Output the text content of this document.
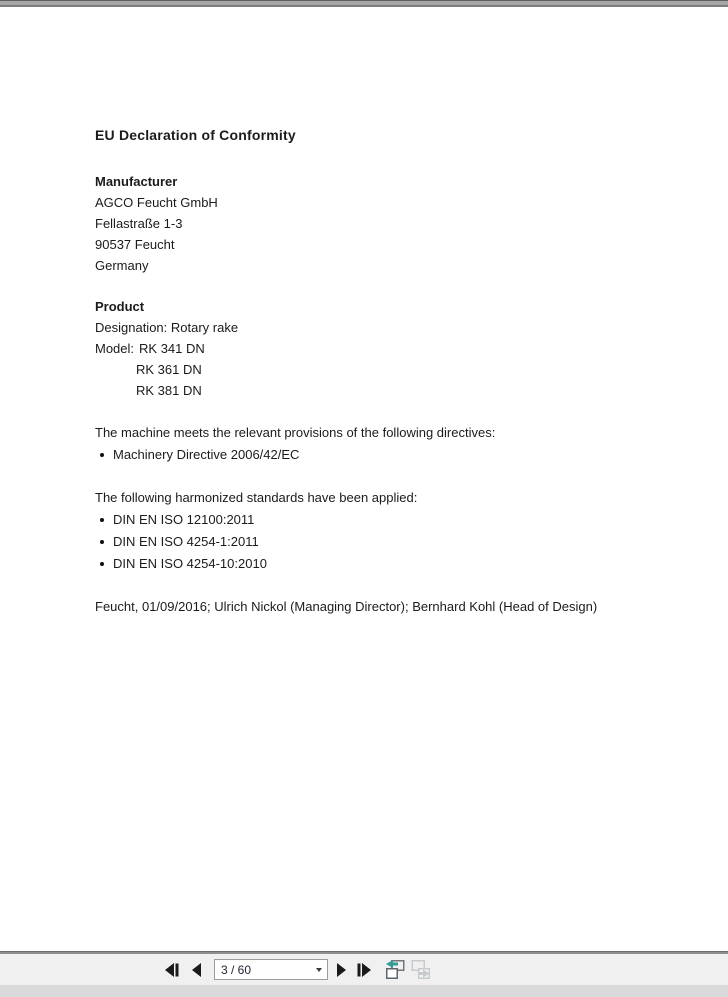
EU Declaration of Conformity
Manufacturer
AGCO Feucht GmbH
Fellastraße 1-3
90537 Feucht
Germany
Product
Designation: Rotary rake
Model: RK 341 DN
RK 361 DN
RK 381 DN
The machine meets the relevant provisions of the following directives:
Machinery Directive 2006/42/EC
The following harmonized standards have been applied:
DIN EN ISO 12100:2011
DIN EN ISO 4254-1:2011
DIN EN ISO 4254-10:2010
Feucht, 01/09/2016; Ulrich Nickol (Managing Director); Bernhard Kohl (Head of Design)
3 / 60
